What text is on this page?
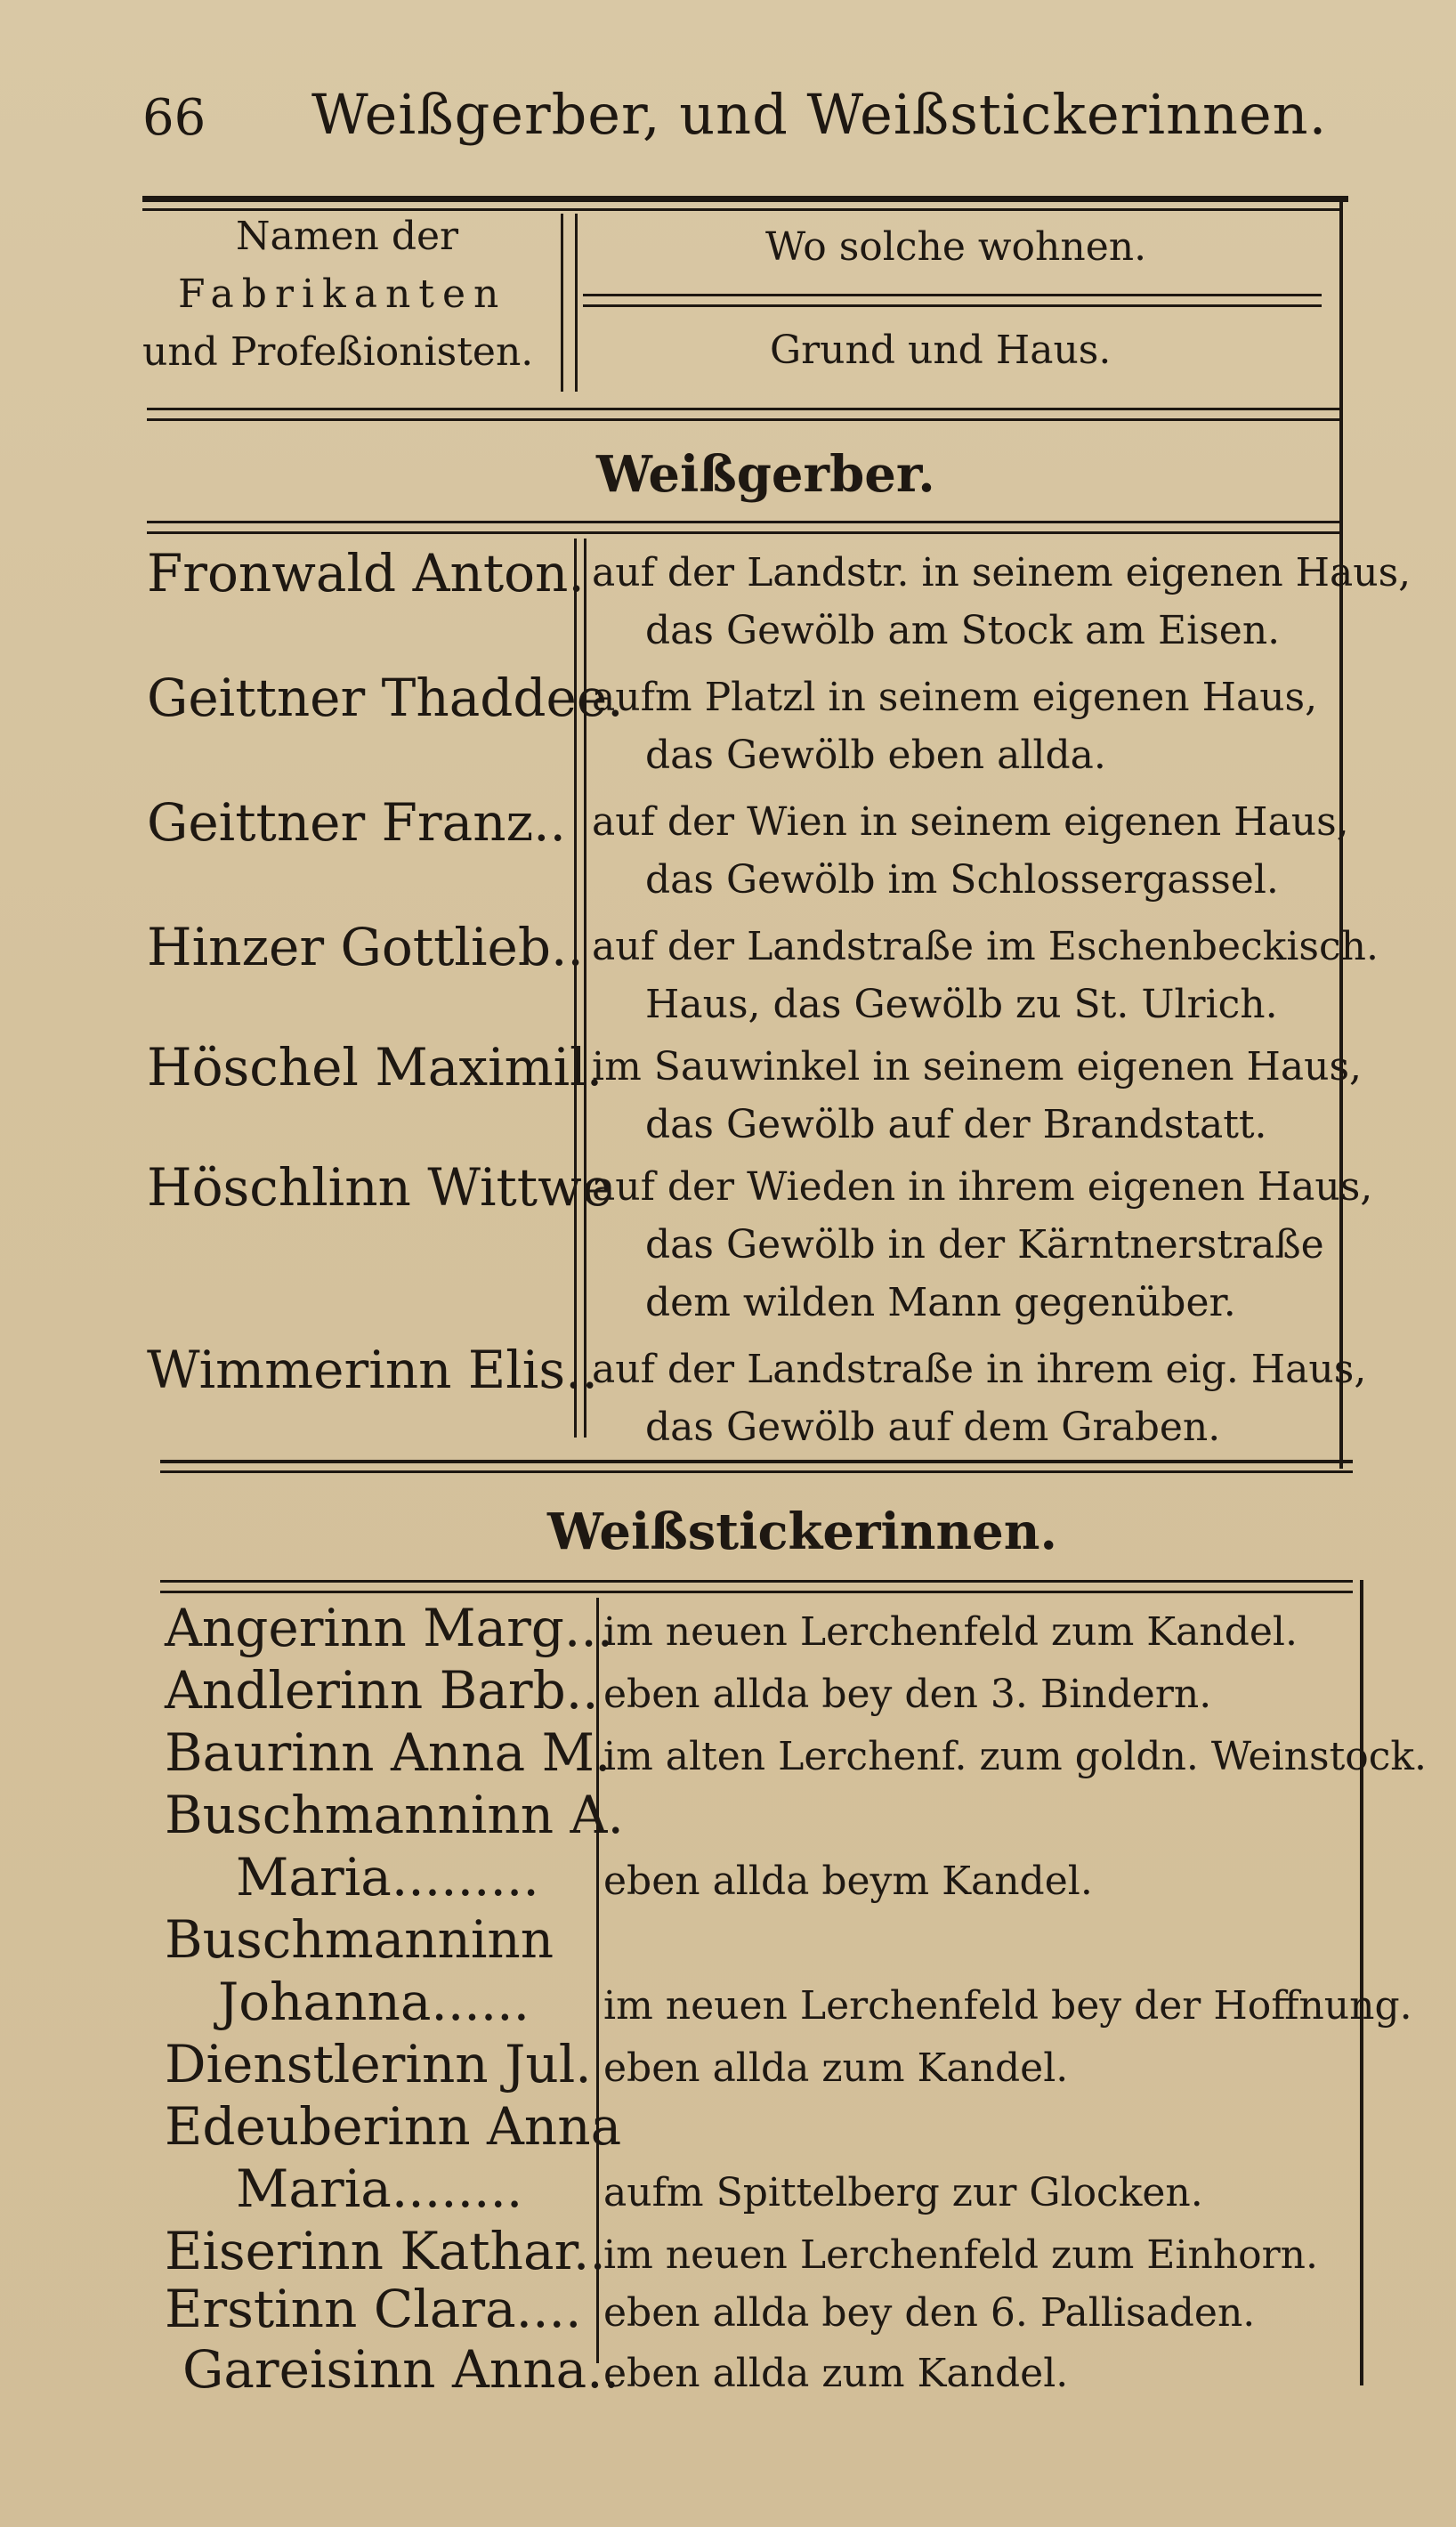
66 Weißgerber, und Weißstickerinnen.
Namen der
Fabrikanten
und Profeßionisten.
Wo solche wohnen.
Grund und Haus.
Weißgerber.
Fronwald Anton. auf der Landstr. in seinem eigenen Haus,
das Gewölb am Stock am Eisen.
Geittner Thaddee.
aufm Platzl in seinem eigenen Haus,
das Gewölb eben allda.
Geittner Franz.. auf der Wien in seinem eigenen Haus,
das Gewölb im Schlossergassel.
Hinzer Gottlieb.. auf der Landstraße im Eschenbeckisch.
Haus, das Gewölb zu St. Ulrich.
Höschel Maximil.
im Sauwinkel in seinem eigenen Haus,
das Gewölb auf der Brandstatt.
Höschlinn Wittwe
auf der Wieden in ihrem eigenen Haus,
das Gewölb in der Kärntnerstraße
dem wilden Mann gegenüber.
Wimmerinn Elis..
auf der Landstraße in ihrem eig. Haus,
das Gewölb auf dem Graben.
Weißstickerinnen.
Angerinn Marg...
im neuen Lerchenfeld zum Kandel.
Andlerinn Barb.. eben allda bey den 3. Bindern.
Baurinn Anna M.
im alten Lerchenf. zum goldn. Weinstock.
Buschmanninn A.
Maria......... eben allda beym Kandel.
Buschmanninn
Johanna...... im neuen Lerchenfeld bey der Hoffnung.
Dienstlerinn Jul. eben allda zum Kandel.
Edeuberinn Anna
Maria........ aufm Spittelberg zur Glocken.
Eiserinn Kathar..
im neuen Lerchenfeld zum Einhorn.
Erstinn Clara.... eben allda bey den 6. Pallisaden.
Gareisinn Anna..
eben allda zum Kandel.
